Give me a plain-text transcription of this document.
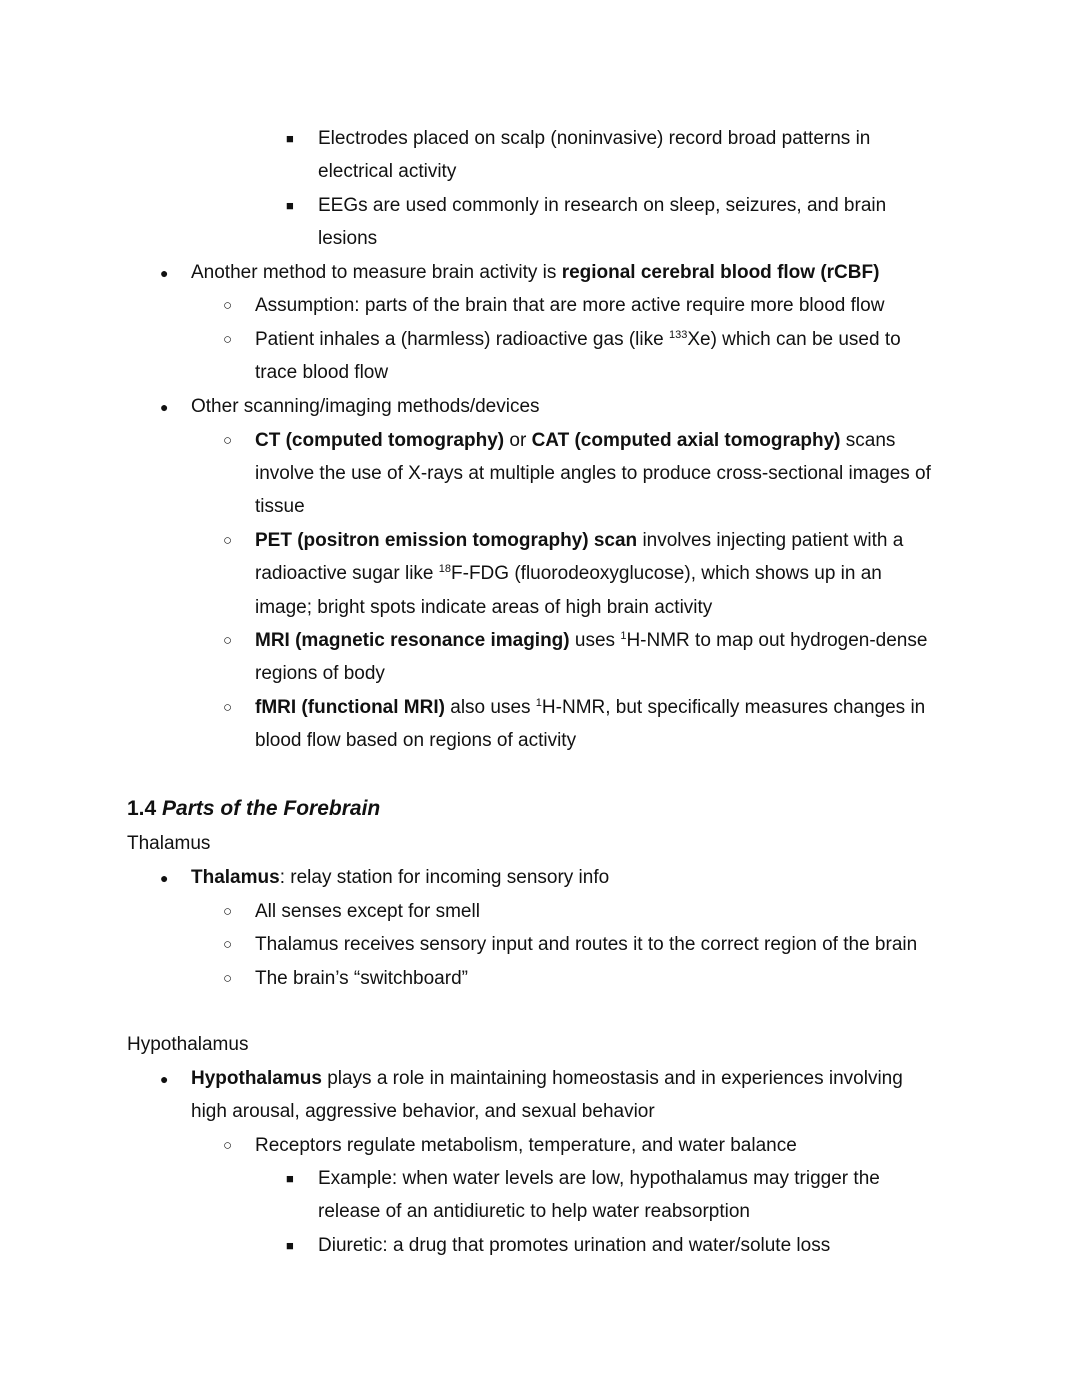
■ Electrodes placed on scalp (noninvasive) record broad patterns in
electrical activity
■ EEGs are used commonly in research on sleep, seizures, and brain
lesions
● Another method to measure brain activity is regional cerebral blood flow (rCBF)
○ Assumption: parts of the brain that are more active require more blood flow
○ Patient inhales a (harmless) radioactive gas (like $^{133}$Xe) which can be used to
trace blood flow
● Other scanning/imaging methods/devices
○ CT (computed tomography) or CAT (computed axial tomography) scans
involve the use of X-rays at multiple angles to produce cross-sectional images of
tissue
○ PET (positron emission tomography) scan involves injecting patient with a
radioactive sugar like $^{18}$F-FDG (fluorodeoxyglucose), which shows up in an
image; bright spots indicate areas of high brain activity
○ MRI (magnetic resonance imaging) uses $^1$H-NMR to map out hydrogen-dense
regions of body
○ fMRI (functional MRI) also uses $^1$H-NMR, but specifically measures changes in
blood flow based on regions of activity
1.4 Parts of the Forebrain
Thalamus
● Thalamus: relay station for incoming sensory info
○ All senses except for smell
○ Thalamus receives sensory input and routes it to the correct region of the brain
○ The brain’s “switchboard”
Hypothalamus
● Hypothalamus plays a role in maintaining homeostasis and in experiences involving
high arousal, aggressive behavior, and sexual behavior
○ Receptors regulate metabolism, temperature, and water balance
■ Example: when water levels are low, hypothalamus may trigger the
release of an antidiuretic to help water reabsorption
■ Diuretic: a drug that promotes urination and water/solute loss
